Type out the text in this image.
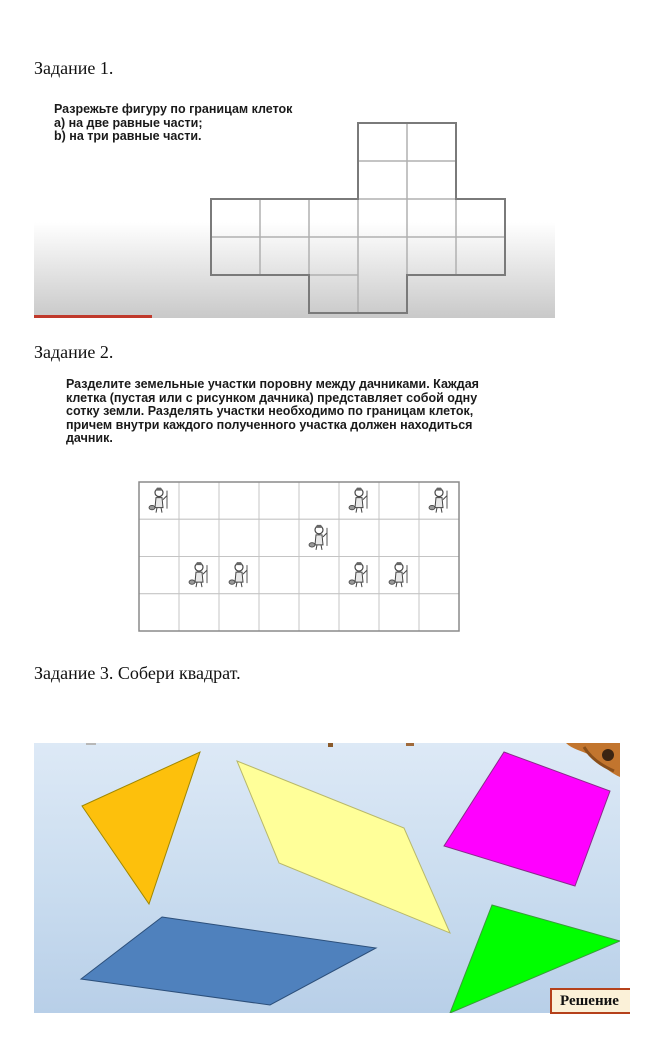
Задание 1.
Разрежьте фигуру по границам клеток
а) на две равные части;
b) на три равные части.
Задание 2.
Разделите земельные участки поровну между дачниками. Каждая
клетка (пустая или с рисунком дачника) представляет собой одну
сотку земли. Разделять участки необходимо по границам клеток,
причем внутри каждого полученного участка должен находиться
дачник.
Задание 3. Собери квадрат.
Решение
